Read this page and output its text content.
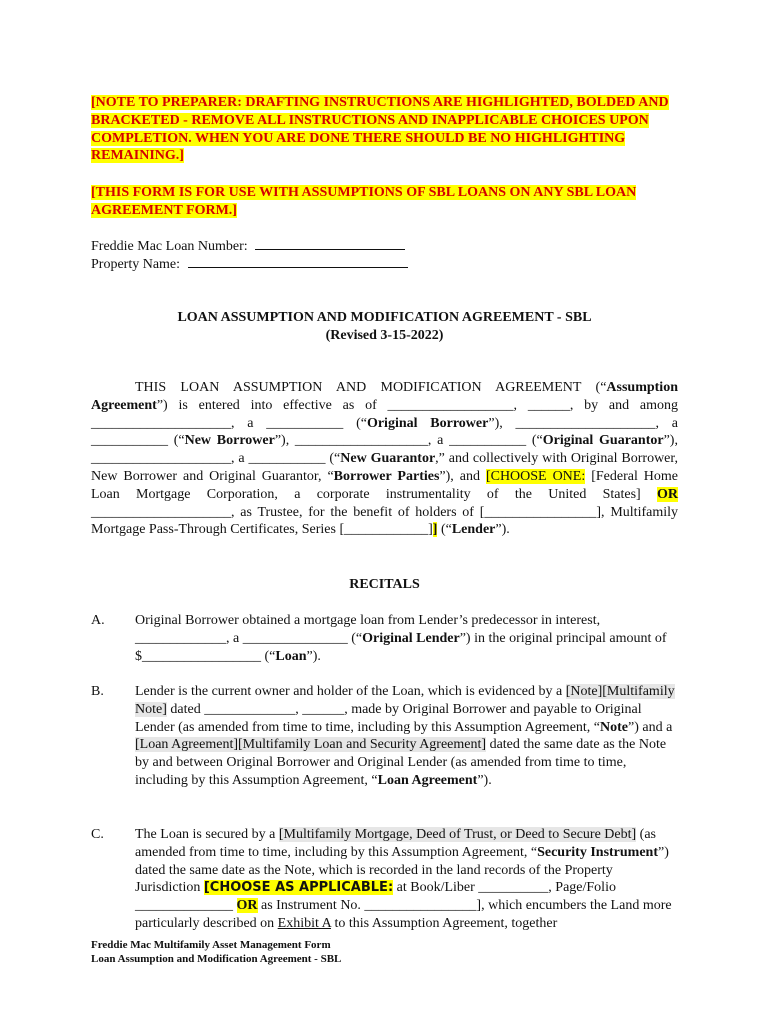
[NOTE TO PREPARER: DRAFTING INSTRUCTIONS ARE HIGHLIGHTED, BOLDED AND BRACKETED - REMOVE ALL INSTRUCTIONS AND INAPPLICABLE CHOICES UPON COMPLETION. WHEN YOU ARE DONE THERE SHOULD BE NO HIGHLIGHTING REMAINING.]
[THIS FORM IS FOR USE WITH ASSUMPTIONS OF SBL LOANS ON ANY SBL LOAN AGREEMENT FORM.]
Freddie Mac Loan Number:
Property Name:
LOAN ASSUMPTION AND MODIFICATION AGREEMENT - SBL
(Revised 3-15-2022)
THIS LOAN ASSUMPTION AND MODIFICATION AGREEMENT (“Assumption Agreement”) is entered into effective as of __________________, ______, by and among ____________________, a ___________ (“Original Borrower”), ____________________, a ___________ (“New Borrower”), ___________________, a ___________ (“Original Guarantor”), ____________________, a ___________ (“New Guarantor,” and collectively with Original Borrower, New Borrower and Original Guarantor, “Borrower Parties”), and [CHOOSE ONE: [Federal Home Loan Mortgage Corporation, a corporate instrumentality of the United States] OR ____________________, as Trustee, for the benefit of holders of [________________], Multifamily Mortgage Pass-Through Certificates, Series [____________]] (“Lender”).
RECITALS
A.	Original Borrower obtained a mortgage loan from Lender’s predecessor in interest, _____________, a _______________ (“Original Lender”) in the original principal amount of $_________________ (“Loan”).
B.	Lender is the current owner and holder of the Loan, which is evidenced by a [Note][Multifamily Note] dated _____________, ______, made by Original Borrower and payable to Original Lender (as amended from time to time, including by this Assumption Agreement, “Note”) and a [Loan Agreement][Multifamily Loan and Security Agreement] dated the same date as the Note by and between Original Borrower and Original Lender (as amended from time to time, including by this Assumption Agreement, “Loan Agreement”).
C.	The Loan is secured by a [Multifamily Mortgage, Deed of Trust, or Deed to Secure Debt] (as amended from time to time, including by this Assumption Agreement, “Security Instrument”) dated the same date as the Note, which is recorded in the land records of the Property Jurisdiction [CHOOSE AS APPLICABLE: at Book/Liber __________, Page/Folio ______________ OR as Instrument No. ________________], which encumbers the Land more particularly described on Exhibit A to this Assumption Agreement, together
Freddie Mac Multifamily Asset Management Form
Loan Assumption and Modification Agreement - SBL
